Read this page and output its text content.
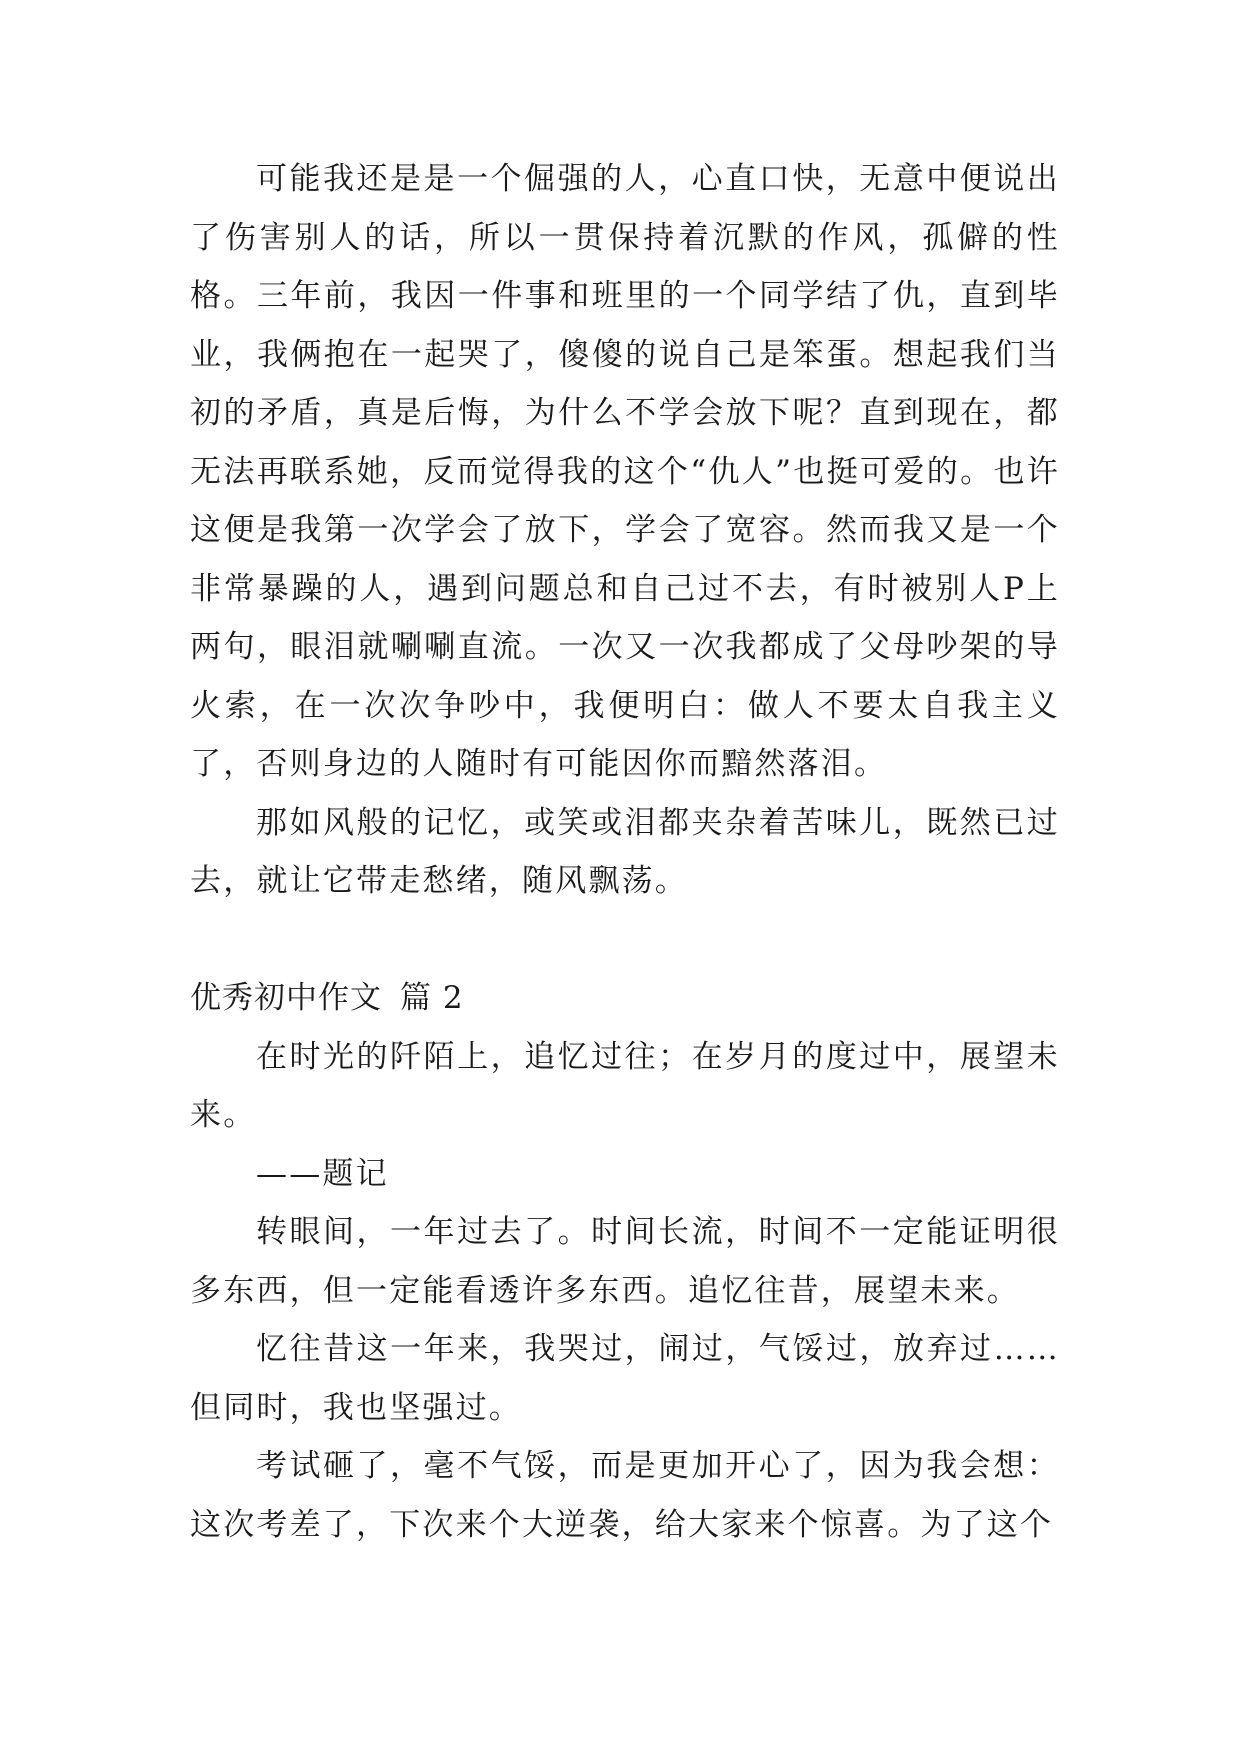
可能我还是是一个倔强的人，心直口快，无意中便说出了伤害别人的话，所以一贯保持着沉默的作风，孤僻的性格。三年前，我因一件事和班里的一个同学结了仇，直到毕业，我俩抱在一起哭了，傻傻的说自己是笨蛋。想起我们当初的矛盾，真是后悔，为什么不学会放下呢？直到现在，都无法再联系她，反而觉得我的这个“仇人”也挺可爱的。也许这便是我第一次学会了放下，学会了宽容。然而我又是一个非常暴躁的人，遇到问题总和自己过不去，有时被别人P上两句，眼泪就唰唰直流。一次又一次我都成了父母吵架的导火索，在一次次争吵中，我便明白：做人不要太自我主义了，否则身边的人随时有可能因你而黯然落泪。

那如风般的记忆，或笑或泪都夹杂着苦味儿，既然已过去，就让它带走愁绪，随风飘荡。

优秀初中作文 篇 2

在时光的阡陌上，追忆过往；在岁月的度过中，展望未来。

——题记

转眼间，一年过去了。时间长流，时间不一定能证明很多东西，但一定能看透许多东西。追忆往昔，展望未来。

忆往昔这一年来，我哭过，闹过，气馁过，放弃过……但同时，我也坚强过。

考试砸了，毫不气馁，而是更加开心了，因为我会想：这次考差了，下次来个大逆袭，给大家来个惊喜。为了这个
